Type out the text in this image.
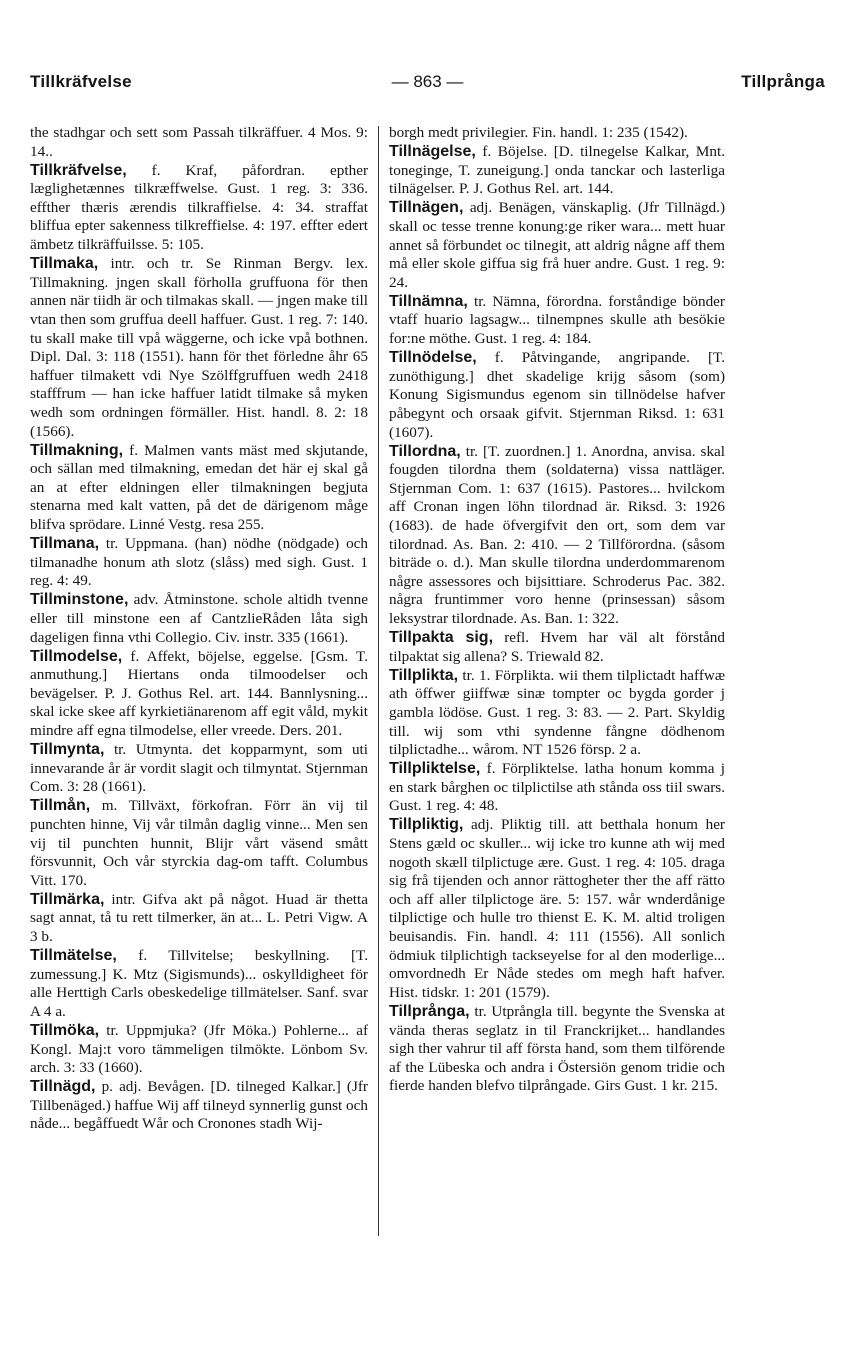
Tillkräfvelse	— 863 —	Tillprånga
the stadhgar och sett som Passah tilkräffuer. 4 Mos. 9: 14..
Tillkräfvelse, f. Kraf, påfordran. epther læglighetænnes tilkræffwelse. Gust. 1 reg. 3: 336. effther thæris ærendis tilkraffielse. 4: 34. straffat bliffua epter sakenness tilkreffielse. 4: 197. effter edert ämbetz tilkräffuilsse. 5: 105.
Tillmaka, intr. och tr. Se Rinman Bergv. lex. Tillmakning. jngen skall förholla gruffuona för then annen när tiidh är och tilmakas skall. — jngen make till vtan then som gruffua deell haffuer. Gust. 1 reg. 7: 140. tu skall make till vpå wäggerne, och icke vpå bothnen. Dipl. Dal. 3: 118 (1551). hann för thet förledne åhr 65 haffuer tilmakett vdi Nye Szölffgruffuen wedh 2418 stafffrum — han icke haffuer latidt tilmake så myken wedh som ordningen förmäller. Hist. handl. 8. 2: 18 (1566).
Tillmakning, f. Malmen vants mäst med skjutande, och sällan med tilmakning, emedan det här ej skal gå an at efter eldningen eller tilmakningen begjuta stenarna med kalt vatten, på det de därigenom måge blifva sprödare. Linné Vestg. resa 255.
Tillmana, tr. Uppmana. (han) nödhe (nödgade) och tilmanadhe honum ath slotz (slåss) med sigh. Gust. 1 reg. 4: 49.
Tillminstone, adv. Åtminstone. schole altidh tvenne eller till minstone een af CantzlieRåden låta sigh dageligen finna vthi Collegio. Civ. instr. 335 (1661).
Tillmodelse, f. Affekt, böjelse, eggelse. [Gsm. T. anmuthung.] Hiertans onda tilmoodelser och bevägelser. P. J. Gothus Rel. art. 144. Bannlysning... skal icke skee aff kyrkietiänarenom aff egit våld, mykit mindre aff egna tilmodelse, eller vreede. Ders. 201.
Tillmynta, tr. Utmynta. det kopparmynt, som uti innevarande år är vordit slagit och tilmyntat. Stjernman Com. 3: 28 (1661).
Tillmån, m. Tillväxt, förkofran. Förr än vij til punchten hinne, Vij vår tilmån daglig vinne... Men sen vij til punchten hunnit, Blijr vårt väsend smått försvunnit, Och vår styrckia dag-om tafft. Columbus Vitt. 170.
Tillmärka, intr. Gifva akt på något. Huad är thetta sagt annat, tå tu rett tilmerker, än at... L. Petri Vigw. A 3 b.
Tillmätelse, f. Tillvitelse; beskyllning. [T. zumessung.] K. Mtz (Sigismunds)... oskylldigheet för alle Herttigh Carls obeskedelige tillmätelser. Sanf. svar A 4 a.
Tillmöka, tr. Uppmjuka? (Jfr Möka.) Pohlerne... af Kongl. Maj:t voro tämmeligen tilmökte. Lönbom Sv. arch. 3: 33 (1660).
Tillnägd, p. adj. Bevågen. [D. tilneged Kalkar.] (Jfr Tillbenäged.) haffue Wij aff tilneyd synnerlig gunst och nåde... begåffuedt Wår och Cronones stadh Wij-
borgh medt privilegier. Fin. handl. 1: 235 (1542).
Tillnägelse, f. Böjelse. [D. tilnegelse Kalkar, Mnt. toneginge, T. zuneigung.] onda tanckar och lasterliga tilnägelser. P. J. Gothus Rel. art. 144.
Tillnägen, adj. Benägen, vänskaplig. (Jfr Tillnägd.) skall oc tesse trenne konung:ge riker wara... mett huar annet så förbundet oc tilnegit, att aldrig någne aff them må eller skole giffua sig frå huer andre. Gust. 1 reg. 9: 24.
Tillnämna, tr. Nämna, förordna. forståndige bönder vtaff huario lagsagw... tilnempnes skulle ath besökie for:ne möthe. Gust. 1 reg. 4: 184.
Tillnödelse, f. Påtvingande, angripande. [T. zunöthigung.] dhet skadelige krijg såsom (som) Konung Sigismundus egenom sin tillnödelse hafver påbegynt och orsaak gifvit. Stjernman Riksd. 1: 631 (1607).
Tillordna, tr. [T. zuordnen.] 1. Anordna, anvisa. skal fougden tilordna them (soldaterna) vissa nattläger. Stjernman Com. 1: 637 (1615). Pastores... hvilckom aff Cronan ingen löhn tilordnad är. Riksd. 3: 1926 (1683). de hade öfvergifvit den ort, som dem var tilordnad. As. Ban. 2: 410. — 2 Tillförordna. (såsom biträde o. d.). Man skulle tilordna underdommarenom någre assessores och bijsittiare. Schroderus Pac. 382. några fruntimmer voro henne (prinsessan) såsom leksystrar tilordnade. As. Ban. 1: 322.
Tillpakta sig, refl. Hvem har väl alt förstånd tilpaktat sig allena? S. Triewald 82.
Tillplikta, tr. 1. Förplikta. wii them tilplictadt haffwæ ath öffwer giiffwæ sinæ tompter oc bygda gorder j gambla lödöse. Gust. 1 reg. 3: 83. — 2. Part. Skyldig till. wij som vthi syndenne fångne dödhenom tilplictadhe... wårom. NT 1526 försp. 2 a.
Tillpliktelse, f. Förpliktelse. latha honum komma j en stark bårghen oc tilplictilse ath stånda oss tiil swars. Gust. 1 reg. 4: 48.
Tillpliktig, adj. Pliktig till. att betthala honum her Stens gæld oc skuller... wij icke tro kunne ath wij med nogoth skæll tilplictuge ære. Gust. 1 reg. 4: 105. draga sig frå tijenden och annor rättogheter ther the aff rätto och aff aller tilplictoge äre. 5: 157. wår wnderdånige tilplictige och hulle tro thienst E. K. M. altid troligen beuisandis. Fin. handl. 4: 111 (1556). All sonlich ödmiuk tilplichtigh tackseyelse for al den moderlige... omvordnedh Er Nåde stedes om megh haft hafver. Hist. tidskr. 1: 201 (1579).
Tillprånga, tr. Utprångla till. begynte the Svenska at vända theras seglatz in til Franckrijket... handlandes sigh ther vahrur til aff första hand, som them tilförende af the Lübeska och andra i Östersiön genom tridie och fierde handen blefvo tilprångade. Girs Gust. 1 kr. 215.
